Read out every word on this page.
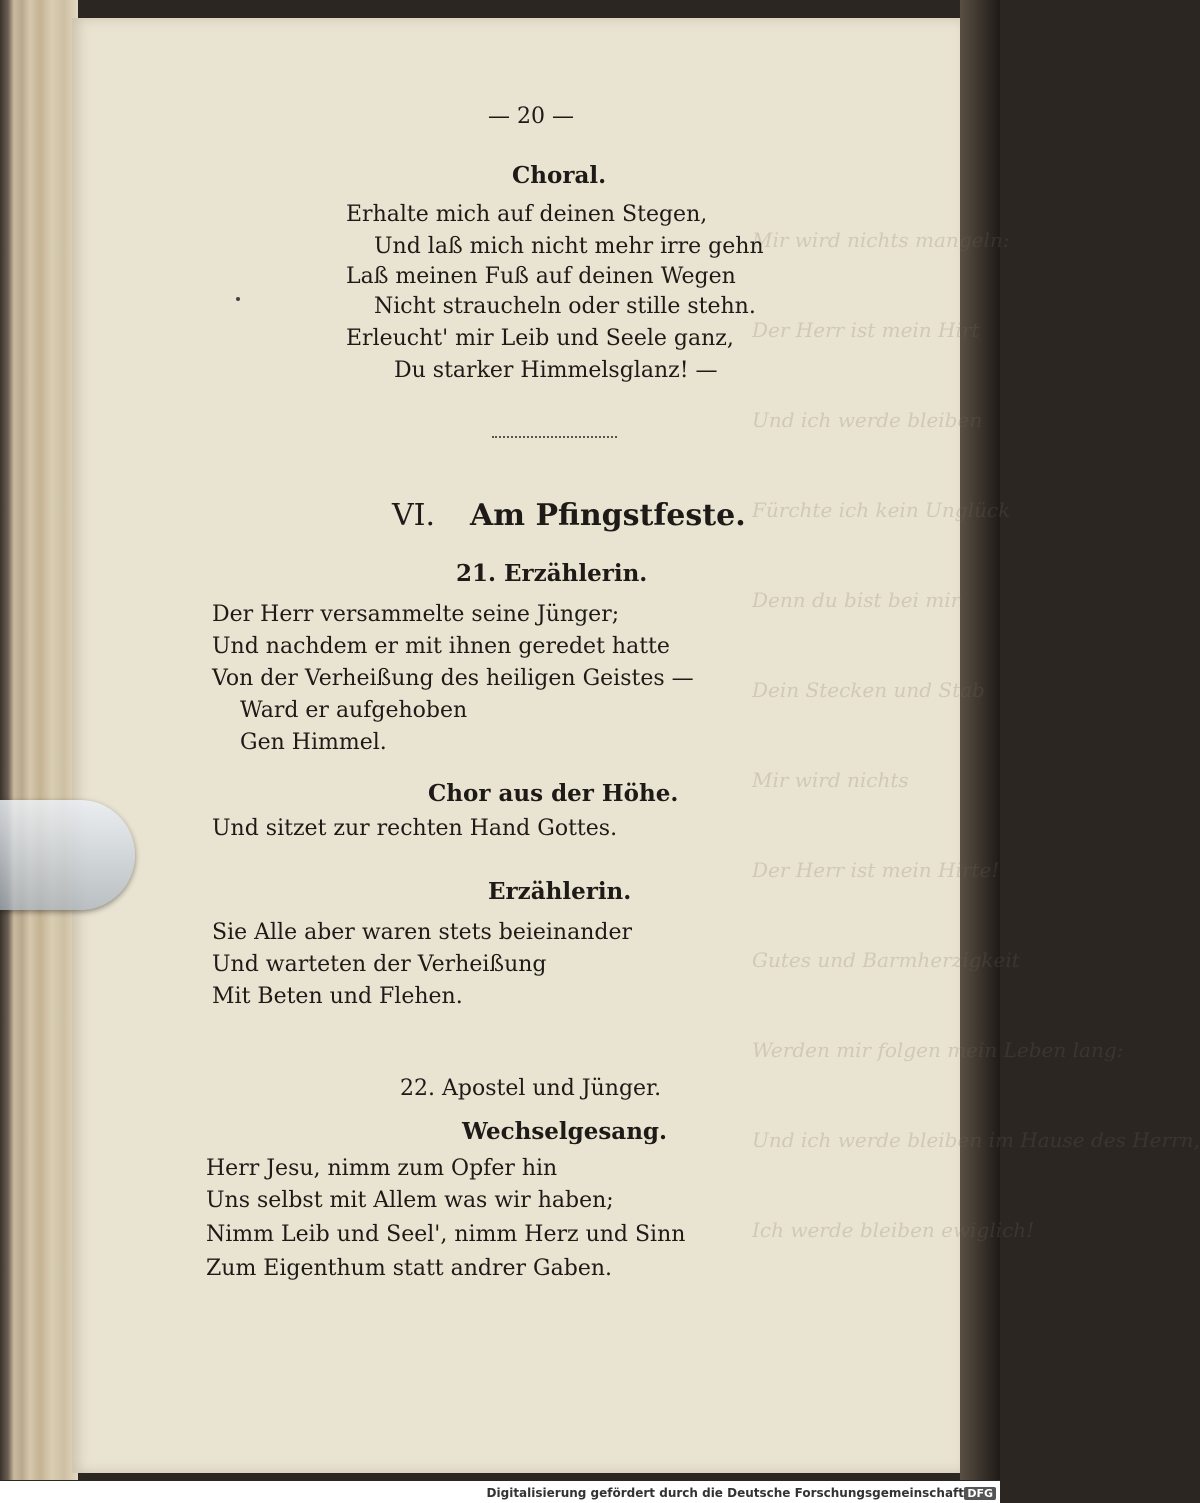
Mir wird nichts mangeln:

Der Herr ist mein Hirt

Und ich werde bleiben

Fürchte ich kein Unglück

Denn du bist bei mir

Dein Stecken und Stab

Mir wird nichts

Der Herr ist mein Hirte!

Gutes und Barmherzigkeit

Werden mir folgen mein Leben lang:

Und ich werde bleiben im Hause des Herrn,

Ich werde bleiben ewiglich!

— 20 —
Choral.
Erhalte mich auf deinen Stegen,
Und laß mich nicht mehr irre gehn
Laß meinen Fuß auf deinen Wegen
Nicht straucheln oder stille stehn.
Erleucht' mir Leib und Seele ganz,
Du starker Himmelsglanz! —
VI. Am Pfingstfeste.
21. Erzählerin.
Der Herr versammelte seine Jünger;
Und nachdem er mit ihnen geredet hatte
Von der Verheißung des heiligen Geistes —
Ward er aufgehoben
Gen Himmel.
Chor aus der Höhe.
Und sitzet zur rechten Hand Gottes.
Erzählerin.
Sie Alle aber waren stets beieinander
Und warteten der Verheißung
Mit Beten und Flehen.
22. Apostel und Jünger.
Wechselgesang.
Herr Jesu, nimm zum Opfer hin
Uns selbst mit Allem was wir haben;
Nimm Leib und Seel', nimm Herz und Sinn
Zum Eigenthum statt andrer Gaben.
Digitalisierung gefördert durch die Deutsche Forschungsgemeinschaft DFG
